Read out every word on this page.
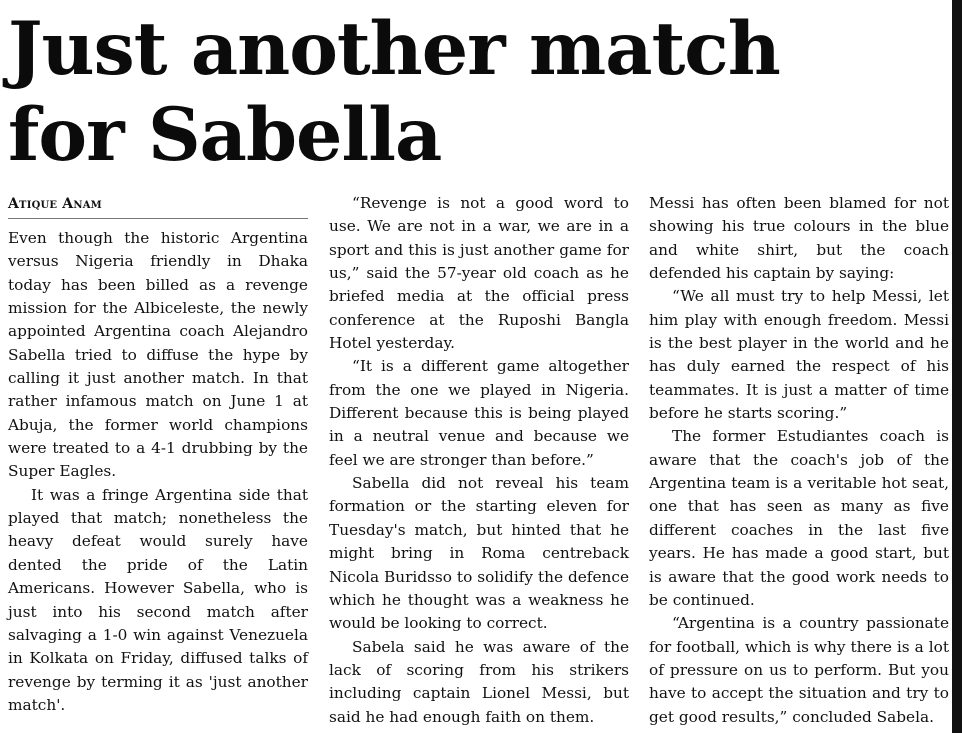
Just another match
for Sabella
Atique Anam

Even though the historic Argentina versus Nigeria friendly in Dhaka today has been billed as a revenge mission for the Albiceleste, the newly appointed Argentina coach Alejandro Sabella tried to diffuse the hype by calling it just another match. In that rather infamous match on June 1 at Abuja, the former world champions were treated to a 4-1 drubbing by the Super Eagles.

It was a fringe Argentina side that played that match; nonetheless the heavy defeat would surely have dented the pride of the Latin Americans. However Sabella, who is just into his second match after salvaging a 1-0 win against Venezuela in Kolkata on Friday, diffused talks of revenge by terming it as 'just another match'.

“Revenge is not a good word to use. We are not in a war, we are in a sport and this is just another game for us,” said the 57-year old coach as he briefed media at the official press conference at the Ruposhi Bangla Hotel yesterday.

“It is a different game altogether from the one we played in Nigeria. Different because this is being played in a neutral venue and because we feel we are stronger than before.”

Sabella did not reveal his team formation or the starting eleven for Tuesday's match, but hinted that he might bring in Roma centreback Nicola Buridsso to solidify the defence which he thought was a weakness he would be looking to correct.

Sabela said he was aware of the lack of scoring from his strikers including captain Lionel Messi, but said he had enough faith on them.

Messi has often been blamed for not showing his true colours in the blue and white shirt, but the coach defended his captain by saying:

“We all must try to help Messi, let him play with enough freedom. Messi is the best player in the world and he has duly earned the respect of his teammates. It is just a matter of time before he starts scoring.”

The former Estudiantes coach is aware that the coach's job of the Argentina team is a veritable hot seat, one that has seen as many as five different coaches in the last five years. He has made a good start, but is aware that the good work needs to be continued.

“Argentina is a country passionate for football, which is why there is a lot of pressure on us to perform. But you have to accept the situation and try to get good results,” concluded Sabela.
